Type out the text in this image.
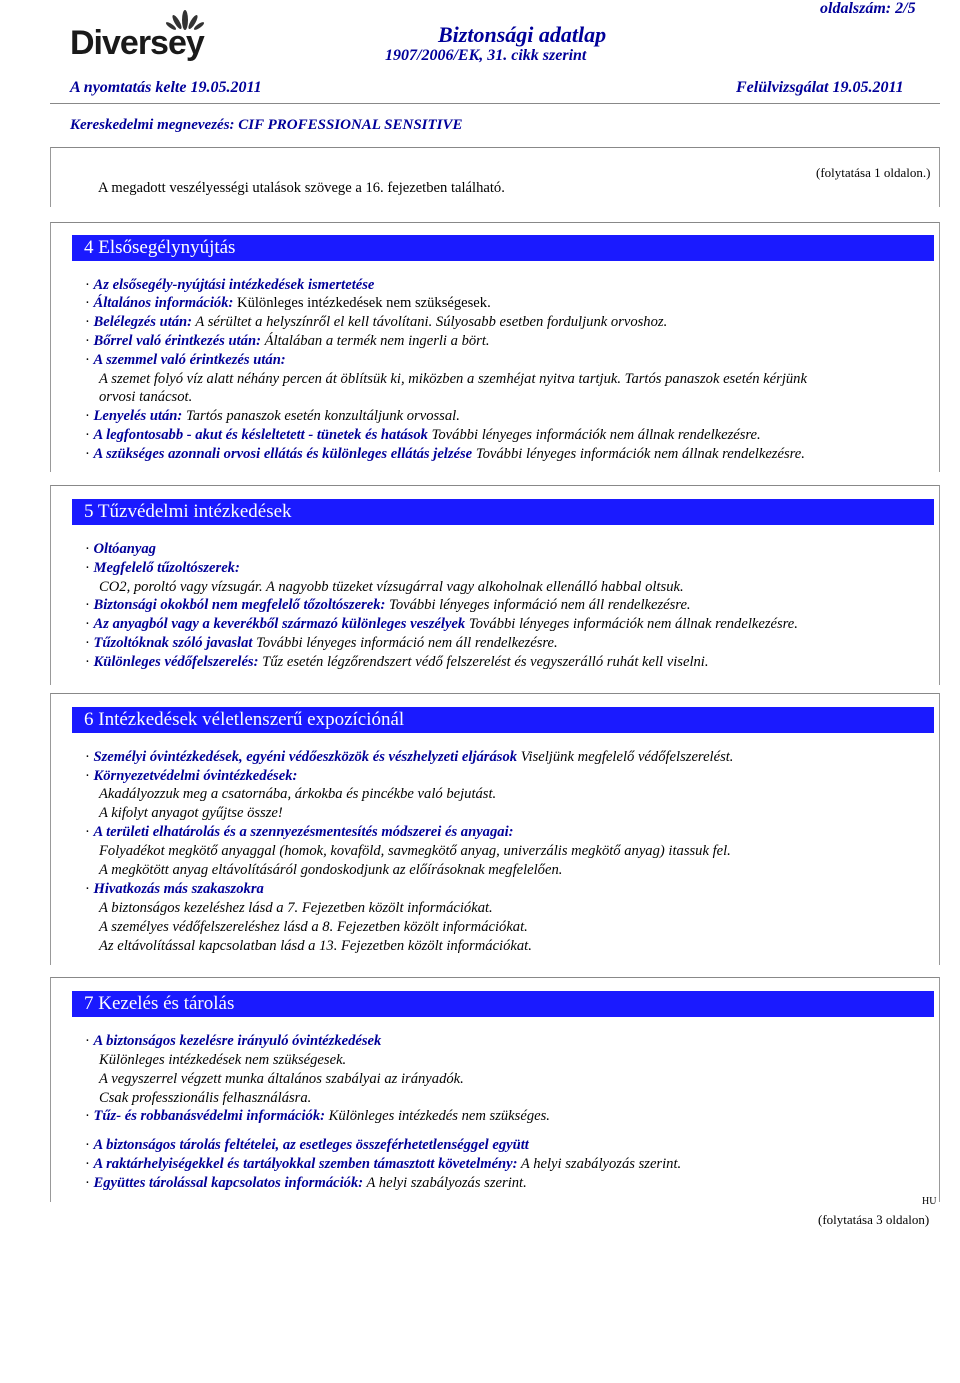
Diversey	Biztonsági adatlap
1907/2006/EK, 31. cikk szerint
oldalszám: 2/5
A nyomtatás kelte 19.05.2011	Felülvizsgálat 19.05.2011
Kereskedelmi megnevezés: CIF PROFESSIONAL SENSITIVE
(folytatása 1 oldalon.)
A megadott veszélyességi utalások szövege a 16. fejezetben található.
4 Elsősegélynyújtás
· Az elsősegély-nyújtási intézkedések ismertetése
· Általános információk: Különleges intézkedések nem szükségesek.
· Belélegzés után: A sérültet a helyszínről el kell távolítani. Súlyosabb esetben forduljunk orvoshoz.
· Bőrrel való érintkezés után: Általában a termék nem ingerli a bört.
· A szemmel való érintkezés után:
A szemet folyó víz alatt néhány percen át öblítsük ki, miközben a szemhéjat nyitva tartjuk. Tartós panaszok esetén kérjünk
orvosi tanácsot.
· Lenyelés után: Tartós panaszok esetén konzultáljunk orvossal.
· A legfontosabb - akut és késleltetett - tünetek és hatások További lényeges információk nem állnak rendelkezésre.
· A szükséges azonnali orvosi ellátás és különleges ellátás jelzése További lényeges információk nem állnak rendelkezésre.
5 Tűzvédelmi intézkedések
· Oltóanyag
· Megfelelő tűzoltószerek:
CO2, poroltó vagy vízsugár. A nagyobb tüzeket vízsugárral vagy alkoholnak ellenálló habbal oltsuk.
· Biztonsági okokból nem megfelelő tőzoltószerek: További lényeges információ nem áll rendelkezésre.
· Az anyagból vagy a keverékből származó különleges veszélyek További lényeges információk nem állnak rendelkezésre.
· Tűzoltóknak szóló javaslat További lényeges információ nem áll rendelkezésre.
· Különleges védőfelszerelés: Tűz esetén légzőrendszert védő felszerelést és vegyszerálló ruhát kell viselni.
6 Intézkedések véletlenszerű expozíciónál
· Személyi óvintézkedések, egyéni védőeszközök és vészhelyzeti eljárások Viseljünk megfelelő védőfelszerelést.
· Környezetvédelmi óvintézkedések:
Akadályozzuk meg a csatornába, árkokba és pincékbe való bejutást.
A kifolyt anyagot gyűjtse össze!
· A területi elhatárolás és a szennyezésmentesítés módszerei és anyagai:
Folyadékot megkötő anyaggal (homok, kovaföld, savmegkötő anyag, univerzális megkötő anyag) itassuk fel.
A megkötött anyag eltávolításáról gondoskodjunk az előírásoknak megfelelően.
· Hivatkozás más szakaszokra
A biztonságos kezeléshez lásd a 7. Fejezetben közölt információkat.
A személyes védőfelszereléshez lásd a 8. Fejezetben közölt információkat.
Az eltávolítással kapcsolatban lásd a 13. Fejezetben közölt információkat.
7 Kezelés és tárolás
· A biztonságos kezelésre irányuló óvintézkedések
Különleges intézkedések nem szükségesek.
A vegyszerrel végzett munka általános szabályai az irányadók.
Csak professzionális felhasználásra.
· Tűz- és robbanásvédelmi információk: Különleges intézkedés nem szükséges.
· A biztonságos tárolás feltételei, az esetleges összeférhetetlenséggel együtt
· A raktárhelyiségekkel és tartályokkal szemben támasztott követelmény: A helyi szabályozás szerint.
· Együttes tárolással kapcsolatos információk: A helyi szabályozás szerint.
HU
(folytatása 3 oldalon)
